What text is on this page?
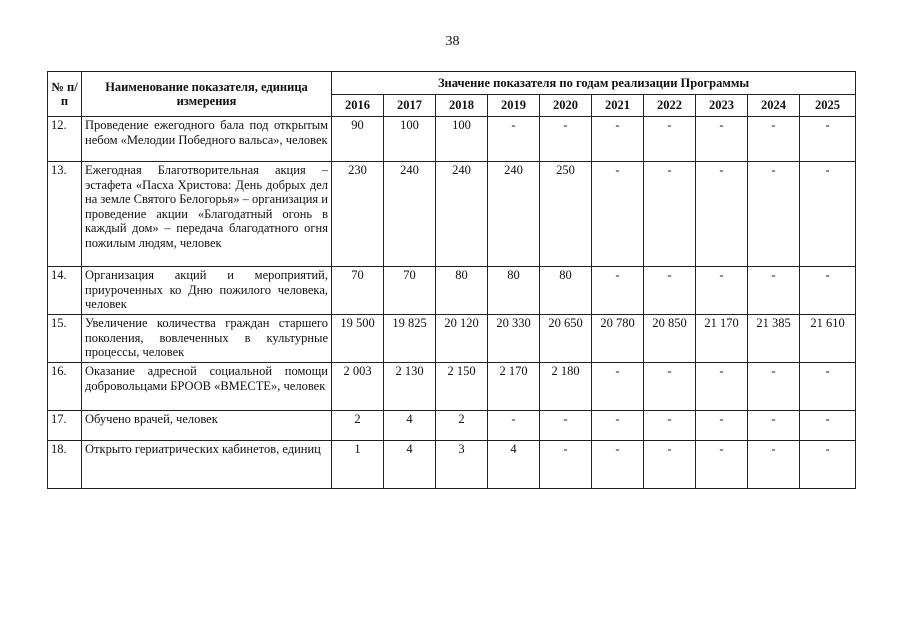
38
№ п/п	Наименование показателя, единица измерения	Значение показателя по годам реализации Программы									
		2016	2017	2018	2019	2020	2021	2022	2023	2024	2025
12.	Проведение ежегодного бала под открытым небом «Мелодии Победного вальса», человек	90	100	100	-	-	-	-	-	-	-
13.	Ежегодная Благотворительная акция – эстафета «Пасха Христова: День добрых дел на земле Святого Белогорья» – организация и проведение акции «Благодатный огонь в каждый дом» – передача благодатного огня пожилым людям, человек	230	240	240	240	250	-	-	-	-	-
14.	Организация акций и мероприятий, приуроченных ко Дню пожилого человека, человек	70	70	80	80	80	-	-	-	-	-
15.	Увеличение количества граждан старшего поколения, вовлеченных в культурные процессы, человек	19 500	19 825	20 120	20 330	20 650	20 780	20 850	21 170	21 385	21 610
16.	Оказание адресной социальной помощи добровольцами БРООВ «ВМЕСТЕ», человек	2 003	2 130	2 150	2 170	2 180	-	-	-	-	-
17.	Обучено врачей, человек	2	4	2	-	-	-	-	-	-	-
18.	Открыто гериатрических кабинетов, единиц	1	4	3	4	-	-	-	-	-	-
